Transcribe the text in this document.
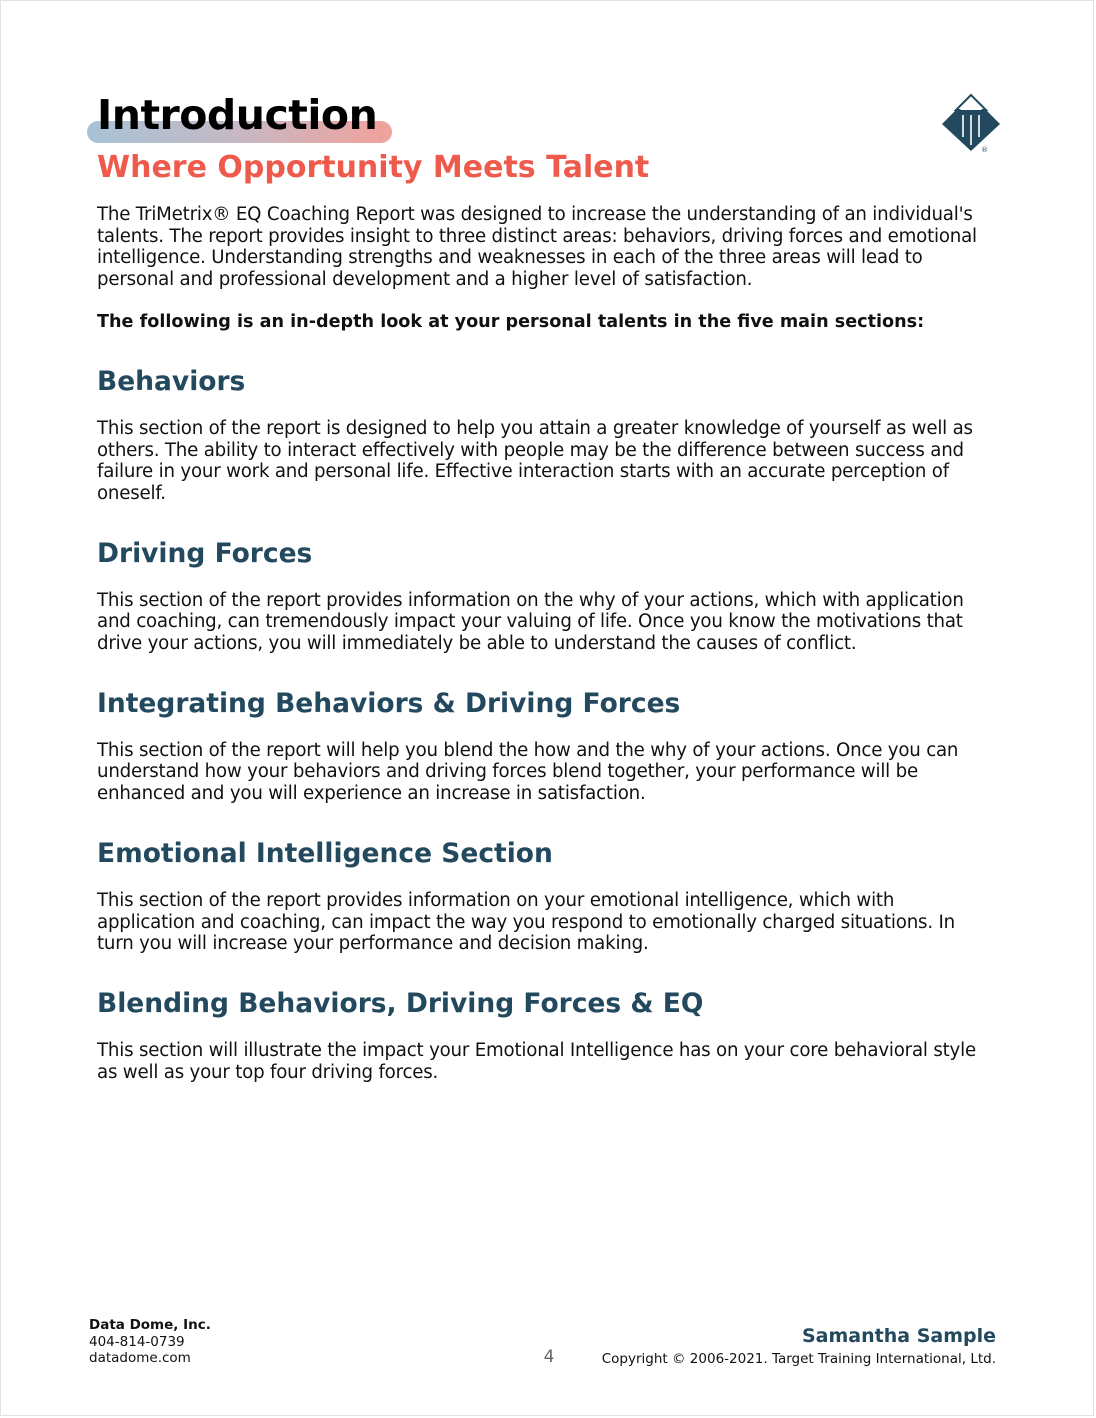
Introduction
Where Opportunity Meets Talent	®

The TriMetrix® EQ Coaching Report was designed to increase the understanding of an individual's talents. The report provides insight to three distinct areas: behaviors, driving forces and emotional intelligence. Understanding strengths and weaknesses in each of the three areas will lead to personal and professional development and a higher level of satisfaction.

The following is an in-depth look at your personal talents in the five main sections:

Behaviors

This section of the report is designed to help you attain a greater knowledge of yourself as well as others. The ability to interact effectively with people may be the difference between success and failure in your work and personal life. Effective interaction starts with an accurate perception of oneself.

Driving Forces

This section of the report provides information on the why of your actions, which with application and coaching, can tremendously impact your valuing of life. Once you know the motivations that drive your actions, you will immediately be able to understand the causes of conflict.

Integrating Behaviors & Driving Forces

This section of the report will help you blend the how and the why of your actions. Once you can understand how your behaviors and driving forces blend together, your performance will be enhanced and you will experience an increase in satisfaction.

Emotional Intelligence Section

This section of the report provides information on your emotional intelligence, which with application and coaching, can impact the way you respond to emotionally charged situations. In turn you will increase your performance and decision making.

Blending Behaviors, Driving Forces & EQ

This section will illustrate the impact your Emotional Intelligence has on your core behavioral style as well as your top four driving forces.

Data Dome, Inc.
404-814-0739
datadome.com	4
Samantha Sample
Copyright © 2006-2021. Target Training International, Ltd.
